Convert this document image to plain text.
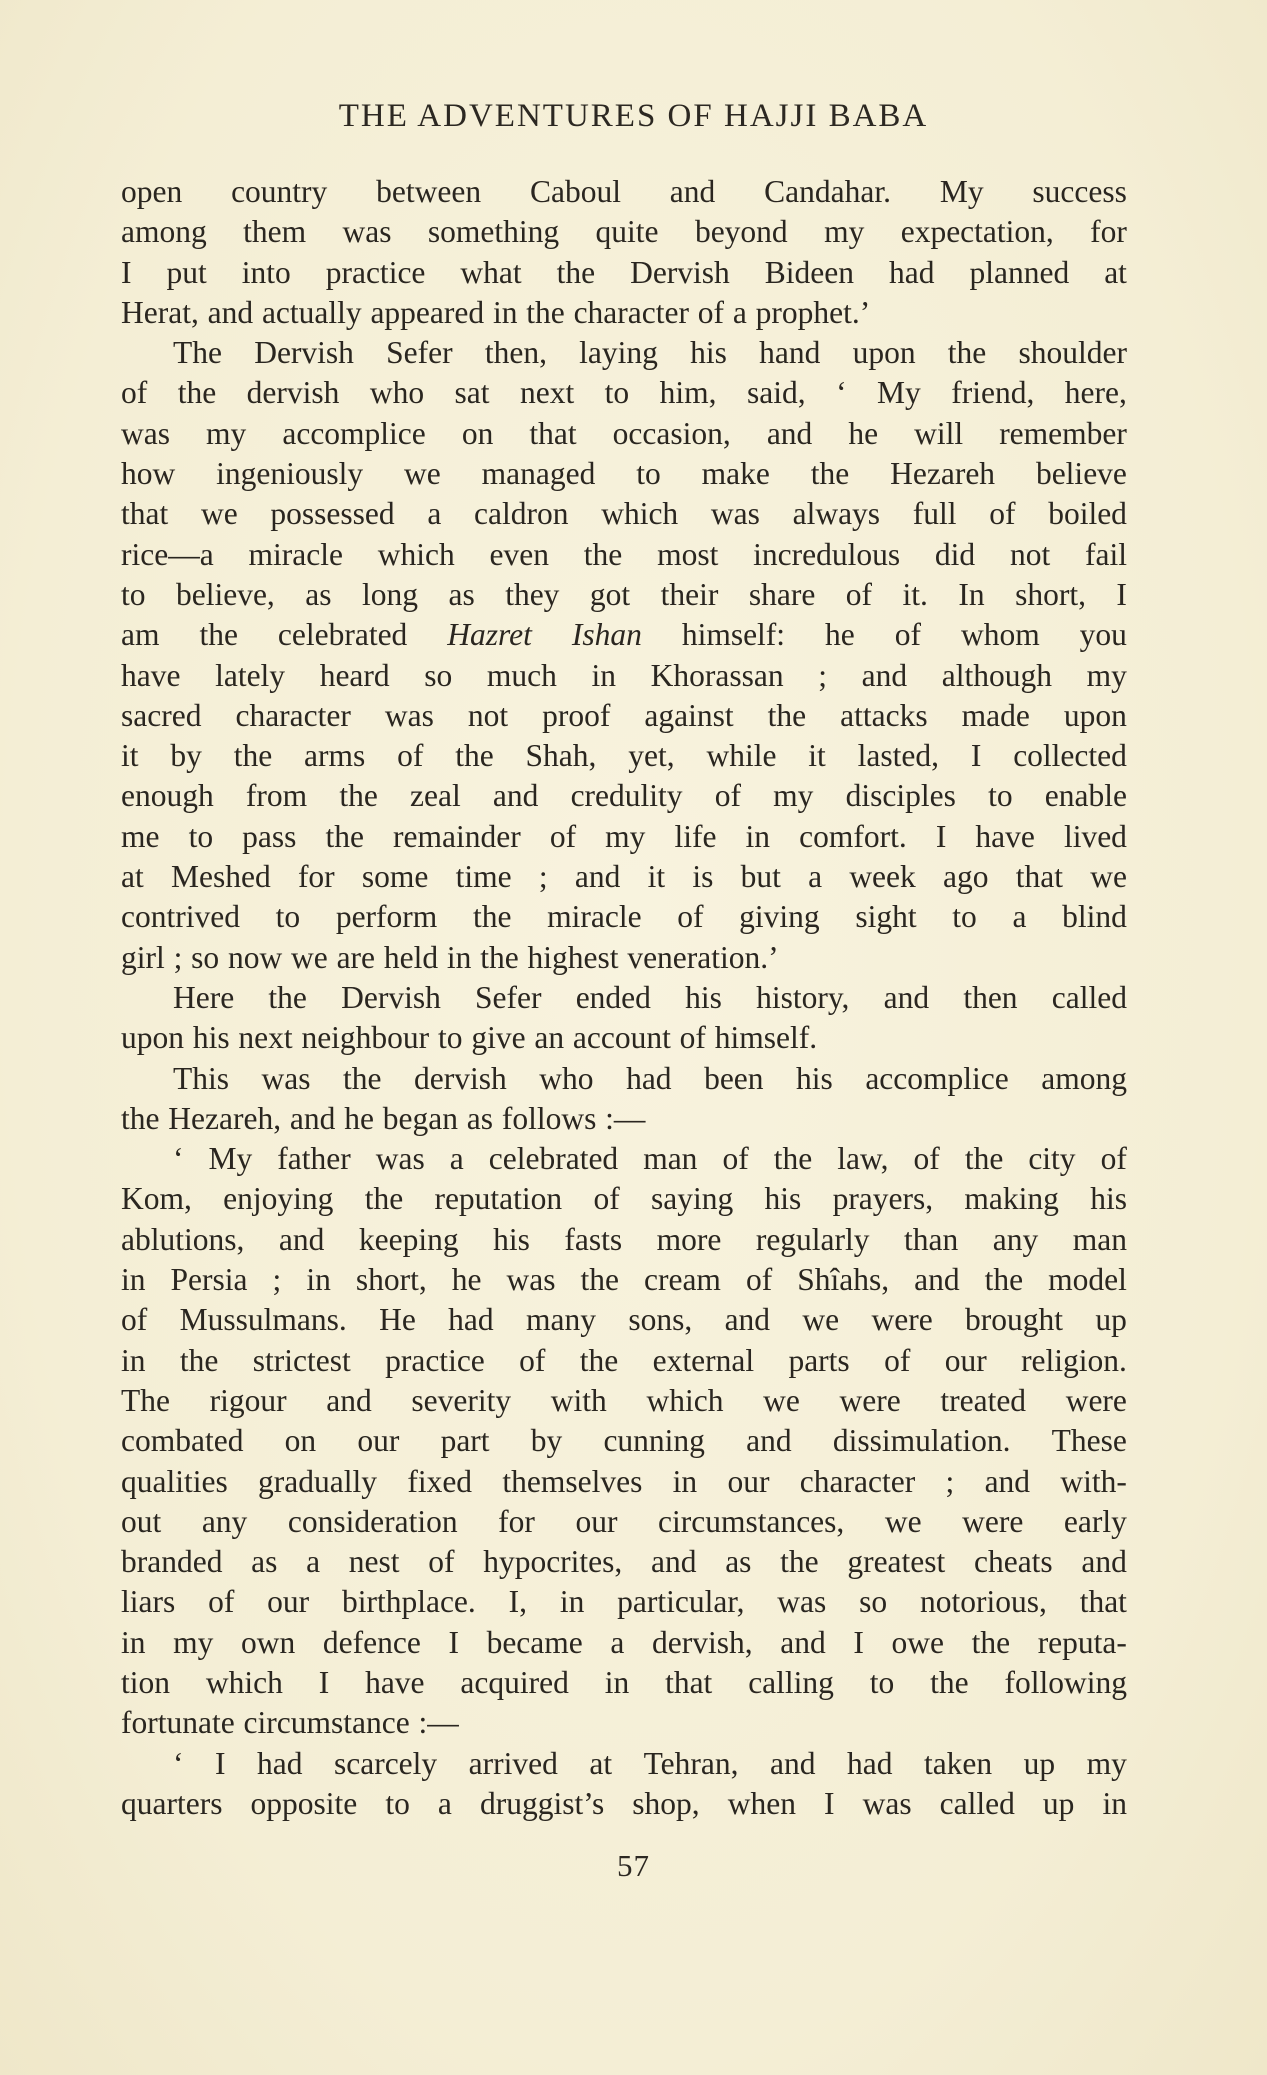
THE ADVENTURES OF HAJJI BABA
open country between Caboul and Candahar. My success
among them was something quite beyond my expectation, for
I put into practice what the Dervish Bideen had planned at
Herat, and actually appeared in the character of a prophet.’
The Dervish Sefer then, laying his hand upon the shoulder
of the dervish who sat next to him, said, ‘ My friend, here,
was my accomplice on that occasion, and he will remember
how ingeniously we managed to make the Hezareh believe
that we possessed a caldron which was always full of boiled
rice—a miracle which even the most incredulous did not fail
to believe, as long as they got their share of it. In short, I
am the celebrated Hazret Ishan himself: he of whom you
have lately heard so much in Khorassan ; and although my
sacred character was not proof against the attacks made upon
it by the arms of the Shah, yet, while it lasted, I collected
enough from the zeal and credulity of my disciples to enable
me to pass the remainder of my life in comfort. I have lived
at Meshed for some time ; and it is but a week ago that we
contrived to perform the miracle of giving sight to a blind
girl ; so now we are held in the highest veneration.’
Here the Dervish Sefer ended his history, and then called
upon his next neighbour to give an account of himself.
This was the dervish who had been his accomplice among
the Hezareh, and he began as follows :—
‘ My father was a celebrated man of the law, of the city of
Kom, enjoying the reputation of saying his prayers, making his
ablutions, and keeping his fasts more regularly than any man
in Persia ; in short, he was the cream of Shîahs, and the model
of Mussulmans. He had many sons, and we were brought up
in the strictest practice of the external parts of our religion.
The rigour and severity with which we were treated were
combated on our part by cunning and dissimulation. These
qualities gradually fixed themselves in our character ; and with-
out any consideration for our circumstances, we were early
branded as a nest of hypocrites, and as the greatest cheats and
liars of our birthplace. I, in particular, was so notorious, that
in my own defence I became a dervish, and I owe the reputa-
tion which I have acquired in that calling to the following
fortunate circumstance :—
‘ I had scarcely arrived at Tehran, and had taken up my
quarters opposite to a druggist’s shop, when I was called up in
57
